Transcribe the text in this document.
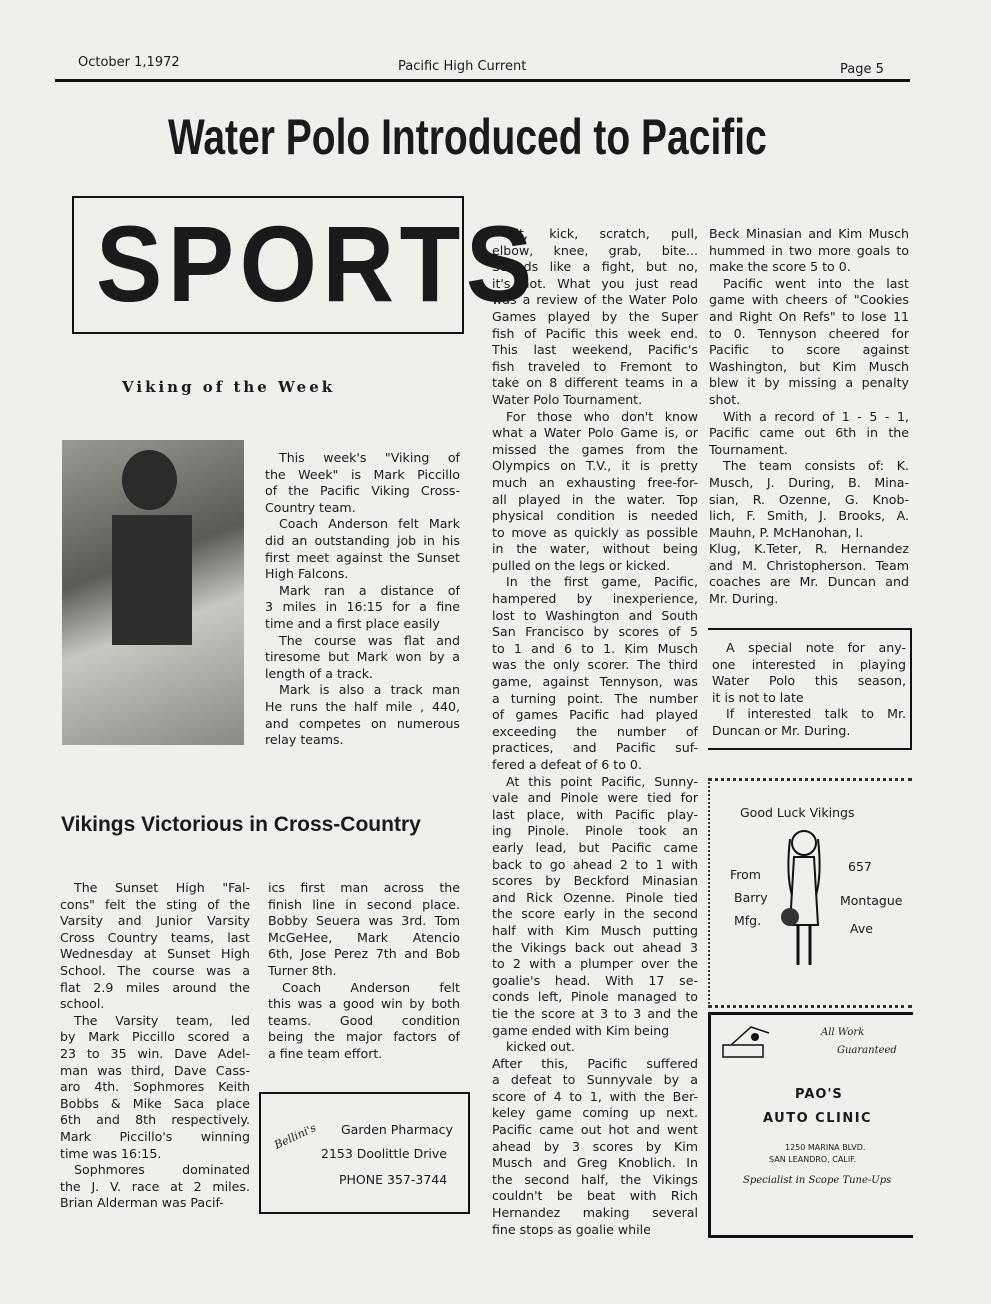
October 1,1972	Pacific High Current	Page 5
Water Polo Introduced to Pacific
SPORTS
Viking of the Week
This week's "Viking of
the Week" is Mark Piccillo
of the Pacific Viking Cross-
Country team.
Coach Anderson felt Mark
did an outstanding job in his
first meet against the Sunset
High Falcons.
Mark ran a distance of
3 miles in 16:15 for a fine
time and a first place easily
The course was flat and
tiresome but Mark won by a
length of a track.
Mark is also a track man
He runs the half mile , 440,
and competes on numerous
relay teams.
Hit, kick, scratch, pull,
elbow, knee, grab, bite...
Sounds like a fight, but no,
it's not. What you just read
was a review of the Water Polo
Games played by the Super
fish of Pacific this week end.
This last weekend, Pacific's
fish traveled to Fremont to
take on 8 different teams in a
Water Polo Tournament.
For those who don't know
what a Water Polo Game is, or
missed the games from the
Olympics on T.V., it is pretty
much an exhausting free-for-
all played in the water. Top
physical condition is needed
to move as quickly as possible
in the water, without being
pulled on the legs or kicked.
In the first game, Pacific,
hampered by inexperience,
lost to Washington and South
San Francisco by scores of 5
to 1 and 6 to 1. Kim Musch
was the only scorer. The third
game, against Tennyson, was
a turning point. The number
of games Pacific had played
exceeding the number of
practices, and Pacific suf-
fered a defeat of 6 to 0.
At this point Pacific, Sunny-
vale and Pinole were tied for
last place, with Pacific play-
ing Pinole. Pinole took an
early lead, but Pacific came
back to go ahead 2 to 1 with
scores by Beckford Minasian
and Rick Ozenne. Pinole tied
the score early in the second
half with Kim Musch putting
the Vikings back out ahead 3
to 2 with a plumper over the
goalie's head. With 17 se-
conds left, Pinole managed to
tie the score at 3 to 3 and the
game ended with Kim being
kicked out.
After this, Pacific suffered
a defeat to Sunnyvale by a
score of 4 to 1, with the Ber-
keley game coming up next.
Pacific came out hot and went
ahead by 3 scores by Kim
Musch and Greg Knoblich. In
the second half, the Vikings
couldn't be beat with Rich
Hernandez making several
fine stops as goalie while
Beck Minasian and Kim Musch
hummed in two more goals to
make the score 5 to 0.
Pacific went into the last
game with cheers of "Cookies
and Right On Refs" to lose 11
to 0. Tennyson cheered for
Pacific to score against
Washington, but Kim Musch
blew it by missing a penalty
shot.
With a record of 1 - 5 - 1,
Pacific came out 6th in the
Tournament.
The team consists of: K.
Musch, J. During, B. Mina-
sian, R. Ozenne, G. Knob-
lich, F. Smith, J. Brooks, A.
Mauhn, P. McHanohan, I.
Klug, K.Teter, R. Hernandez
and M. Christopherson. Team
coaches are Mr. Duncan and
Mr. During.
A special note for any-
one interested in playing
Water Polo this season,
it is not to late
If interested talk to Mr.
Duncan or Mr. During.
Vikings Victorious in Cross-Country
The Sunset High "Fal-
cons" felt the sting of the
Varsity and Junior Varsity
Cross Country teams, last
Wednesday at Sunset High
School. The course was a
flat 2.9 miles around the
school.
The Varsity team, led
by Mark Piccillo scored a
23 to 35 win. Dave Adel-
man was third, Dave Cass-
aro 4th. Sophmores Keith
Bobbs & Mike Saca place
6th and 8th respectively.
Mark Piccillo's winning
time was 16:15.
Sophmores dominated
the J. V. race at 2 miles.
Brian Alderman was Pacif-
ics first man across the
finish line in second place.
Bobby Seuera was 3rd. Tom
McGeHee, Mark Atencio
6th, Jose Perez 7th and Bob
Turner 8th.
Coach Anderson felt
this was a good win by both
teams. Good condition
being the major factors of
a fine team effort.
Bellini's Garden Pharmacy
2153 Doolittle Drive
PHONE 357-3744
Good Luck Vikings
From
Barry
Mfg.
657
Montague
Ave
All Work
Guaranteed
PAO'S
AUTO CLINIC
1250 MARINA BLVD.
SAN LEANDRO, CALIF.
Specialist in Scope Tune-Ups
